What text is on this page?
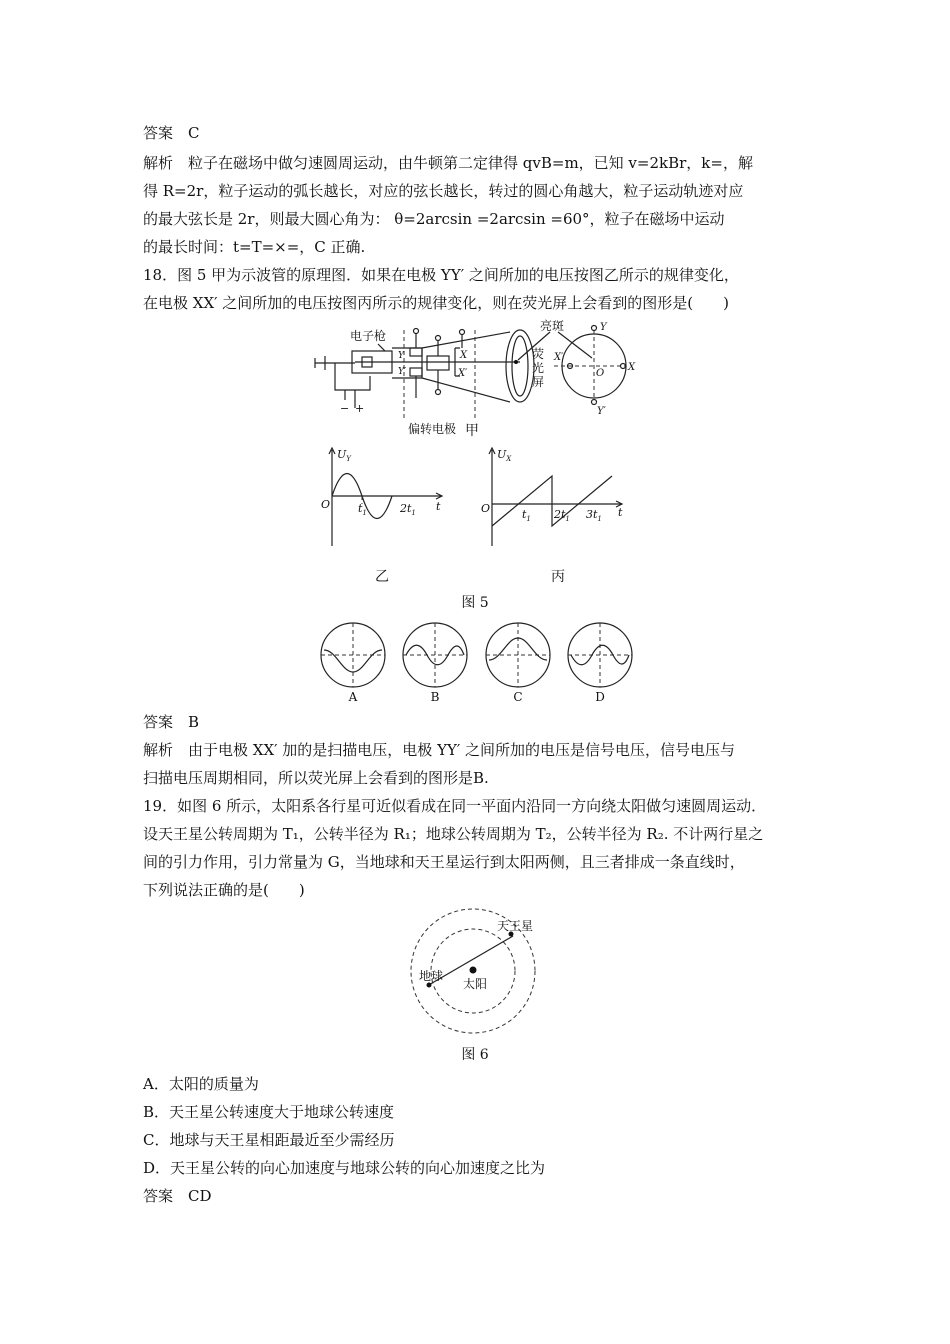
答案　C
解析　粒子在磁场中做匀速圆周运动，由牛顿第二定律得 qvB=m，已知 v=2kBr，k=，解
得 R=2r，粒子运动的弧长越长，对应的弦长越长，转过的圆心角越大，粒子运动轨迹对应
的最大弦长是 2r，则最大圆心角为： θ=2arcsin =2arcsin =60°，粒子在磁场中运动
的最长时间：t=T=×=，C 正确.
18．图 5 甲为示波管的原理图．如果在电极 YY′ 之间所加的电压按图乙所示的规律变化，
在电极 XX′ 之间所加的电压按图丙所示的规律变化，则在荧光屏上会看到的图形是(　　)
− +
电子枪
Y
Y′
X
X′
偏转电极
亮斑
荧
光
屏
Y
Y′
X
X′
O
甲
$U_Y$
O	$t_1$	$2t_1$ t
乙
$U_X$
O	$t_1$ $2t_1$ $3t_1$ t
丙
图 5
A	B	C	D
答案　B
解析　由于电极 XX′ 加的是扫描电压，电极 YY′ 之间所加的电压是信号电压，信号电压与
扫描电压周期相同，所以荧光屏上会看到的图形是B.
19．如图 6 所示，太阳系各行星可近似看成在同一平面内沿同一方向绕太阳做匀速圆周运动．
设天王星公转周期为 T₁，公转半径为 R₁；地球公转周期为 T₂，公转半径为 R₂. 不计两行星之
间的引力作用，引力常量为 G，当地球和天王星运行到太阳两侧，且三者排成一条直线时，
下列说法正确的是(　　)
天王星
地球
太阳
图 6
A．太阳的质量为
B．天王星公转速度大于地球公转速度
C．地球与天王星相距最近至少需经历
D．天王星公转的向心加速度与地球公转的向心加速度之比为
答案　CD
